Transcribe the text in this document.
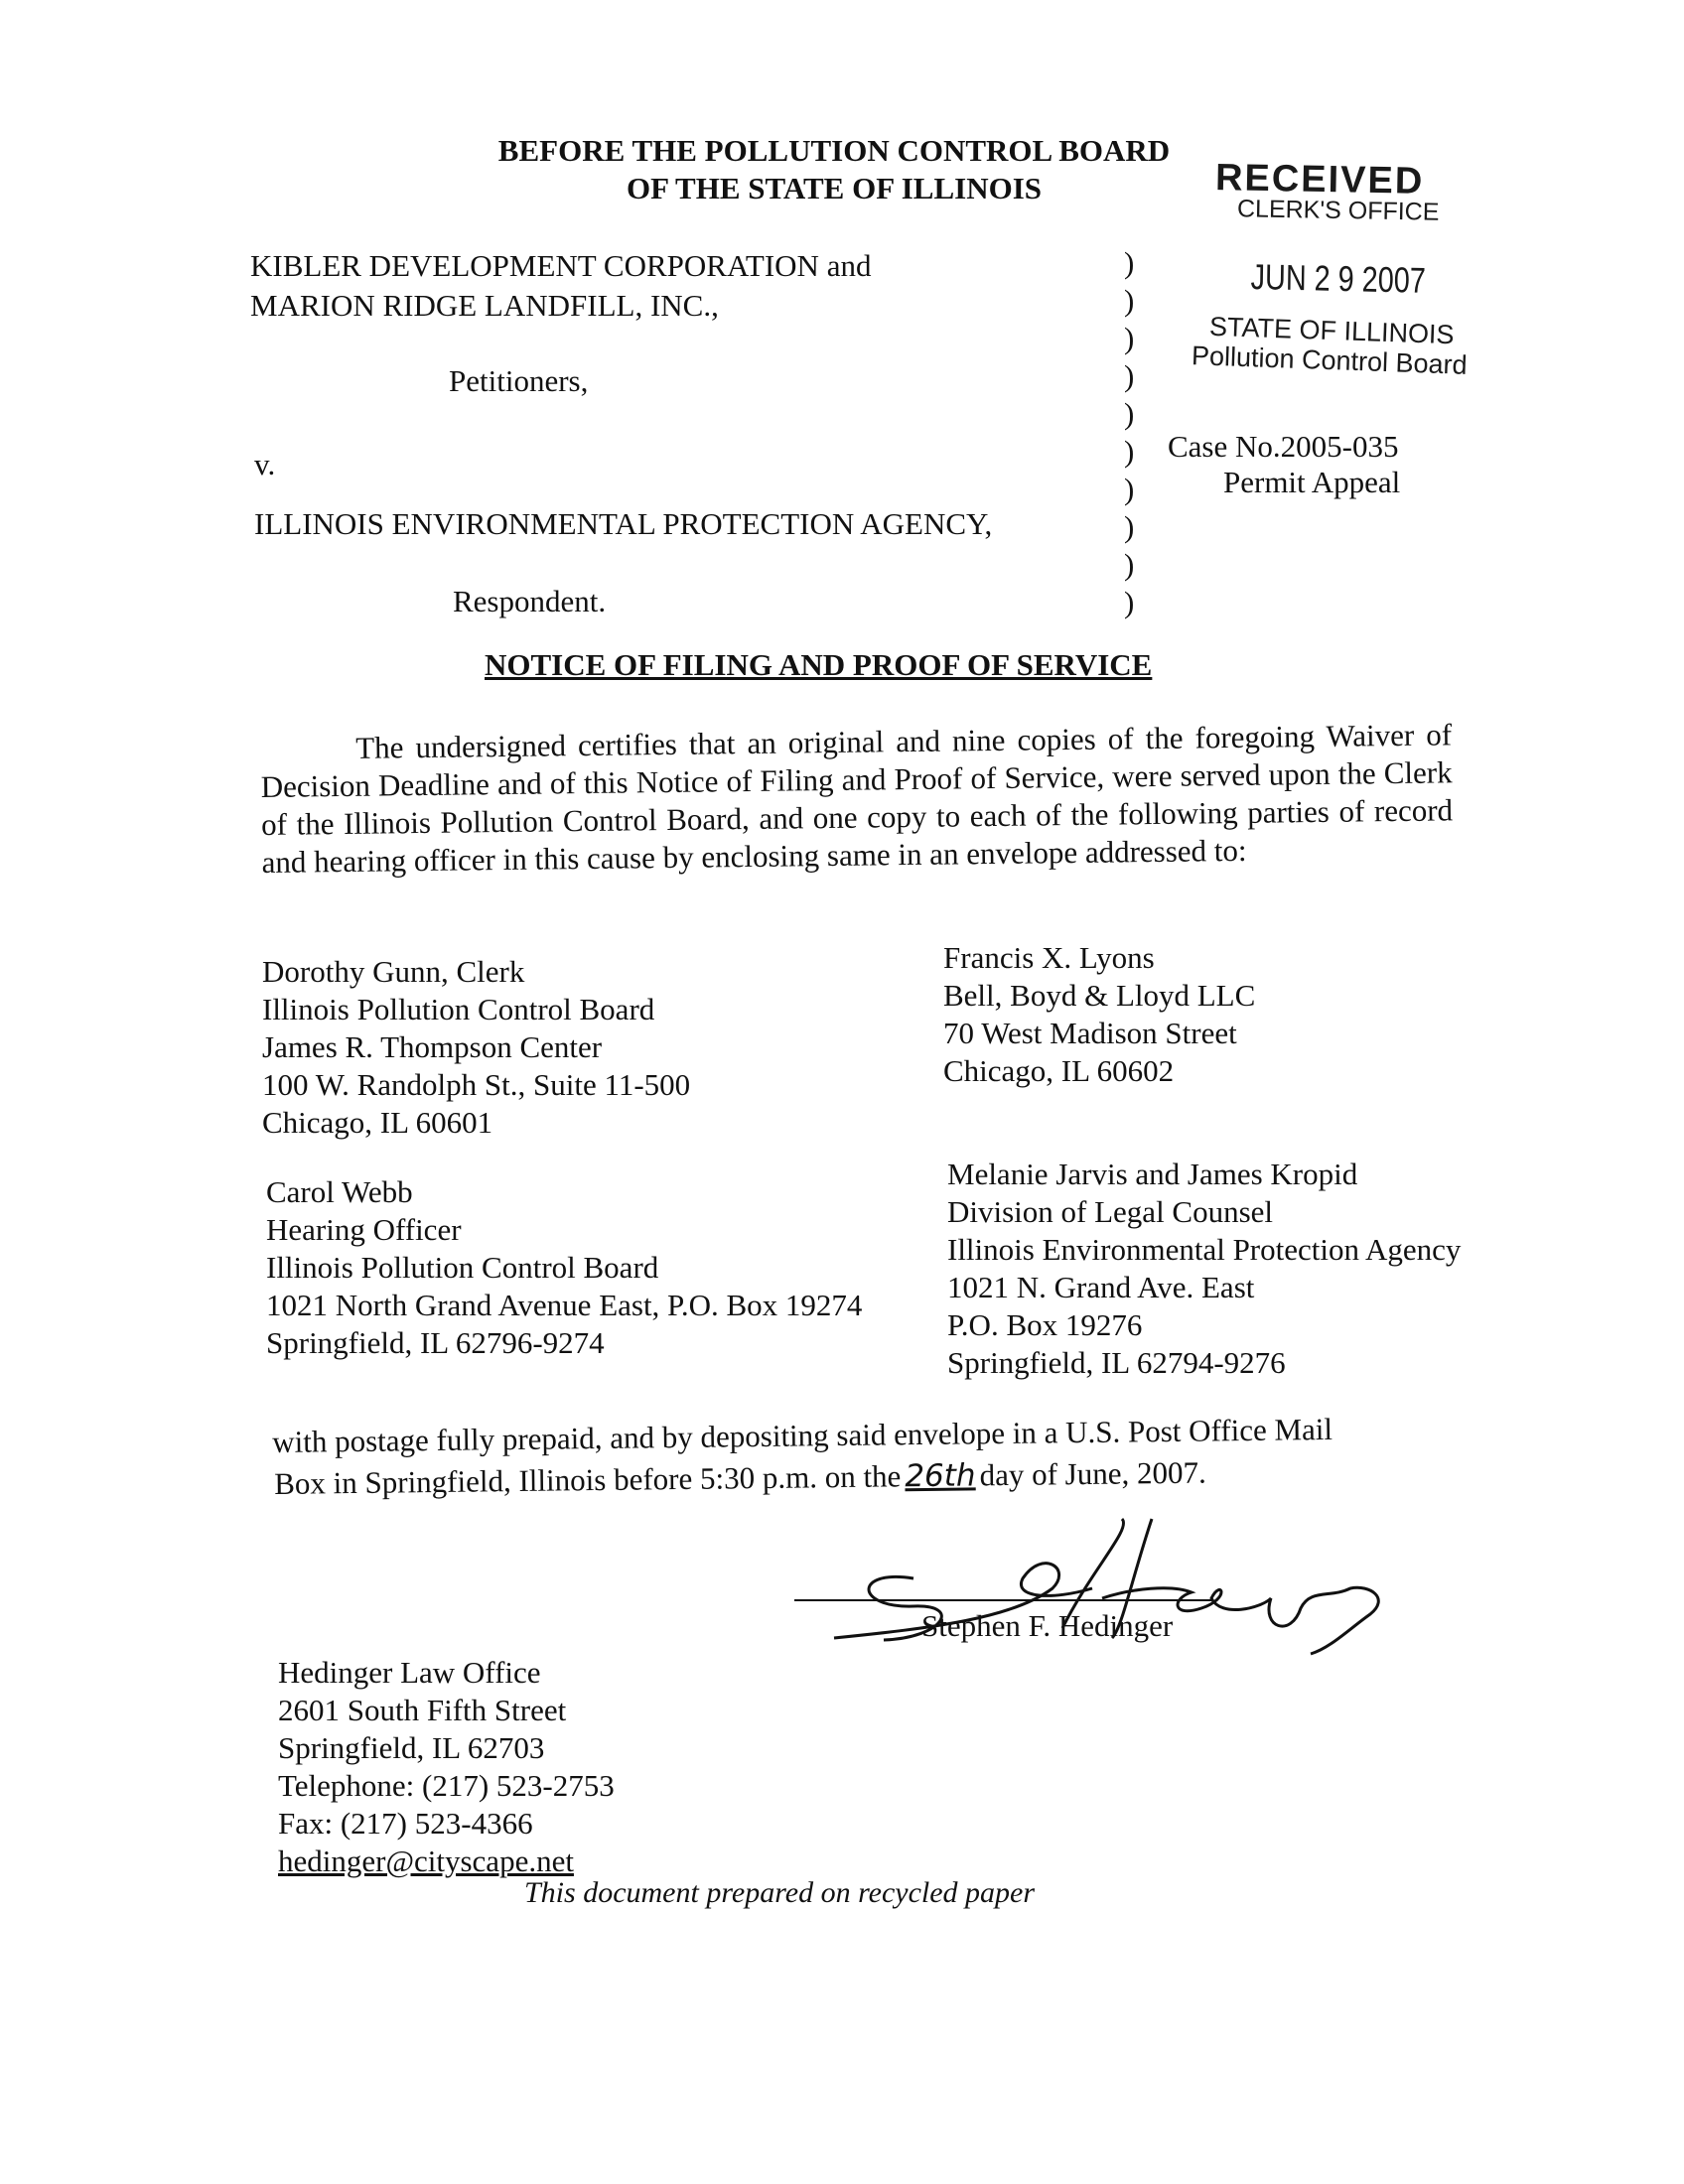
BEFORE THE POLLUTION CONTROL BOARD
OF THE STATE OF ILLINOIS	RECEIVED
CLERK'S OFFICE
JUN 2 9 2007
STATE OF ILLINOIS
Pollution Control Board
KIBLER DEVELOPMENT CORPORATION and
MARION RIDGE LANDFILL, INC.,
Petitioners,
v.
ILLINOIS ENVIRONMENTAL PROTECTION AGENCY,
Respondent.
)
)
)
)
)
)
)
)
)
)
Case No.2005-035
Permit Appeal
NOTICE OF FILING AND PROOF OF SERVICE
The undersigned certifies that an original and nine copies of the foregoing Waiver of Decision Deadline and of this Notice of Filing and Proof of Service, were served upon the Clerk of the Illinois Pollution Control Board, and one copy to each of the following parties of record and hearing officer in this cause by enclosing same in an envelope addressed to:
Dorothy Gunn, Clerk
Illinois Pollution Control Board
James R. Thompson Center
100 W. Randolph St., Suite 11-500
Chicago, IL 60601
Francis X. Lyons
Bell, Boyd & Lloyd LLC
70 West Madison Street
Chicago, IL 60602
Carol Webb
Hearing Officer
Illinois Pollution Control Board
1021 North Grand Avenue East, P.O. Box 19274
Springfield, IL 62796-9274
Melanie Jarvis and James Kropid
Division of Legal Counsel
Illinois Environmental Protection Agency
1021 N. Grand Ave. East
P.O. Box 19276
Springfield, IL 62794-9276
with postage fully prepaid, and by depositing said envelope in a U.S. Post Office Mail
Box in Springfield, Illinois before 5:30 p.m. on the 26th day of June, 2007.
Stephen F. Hedinger
Hedinger Law Office
2601 South Fifth Street
Springfield, IL 62703
Telephone: (217) 523-2753
Fax: (217) 523-4366
hedinger@cityscape.net
This document prepared on recycled paper
